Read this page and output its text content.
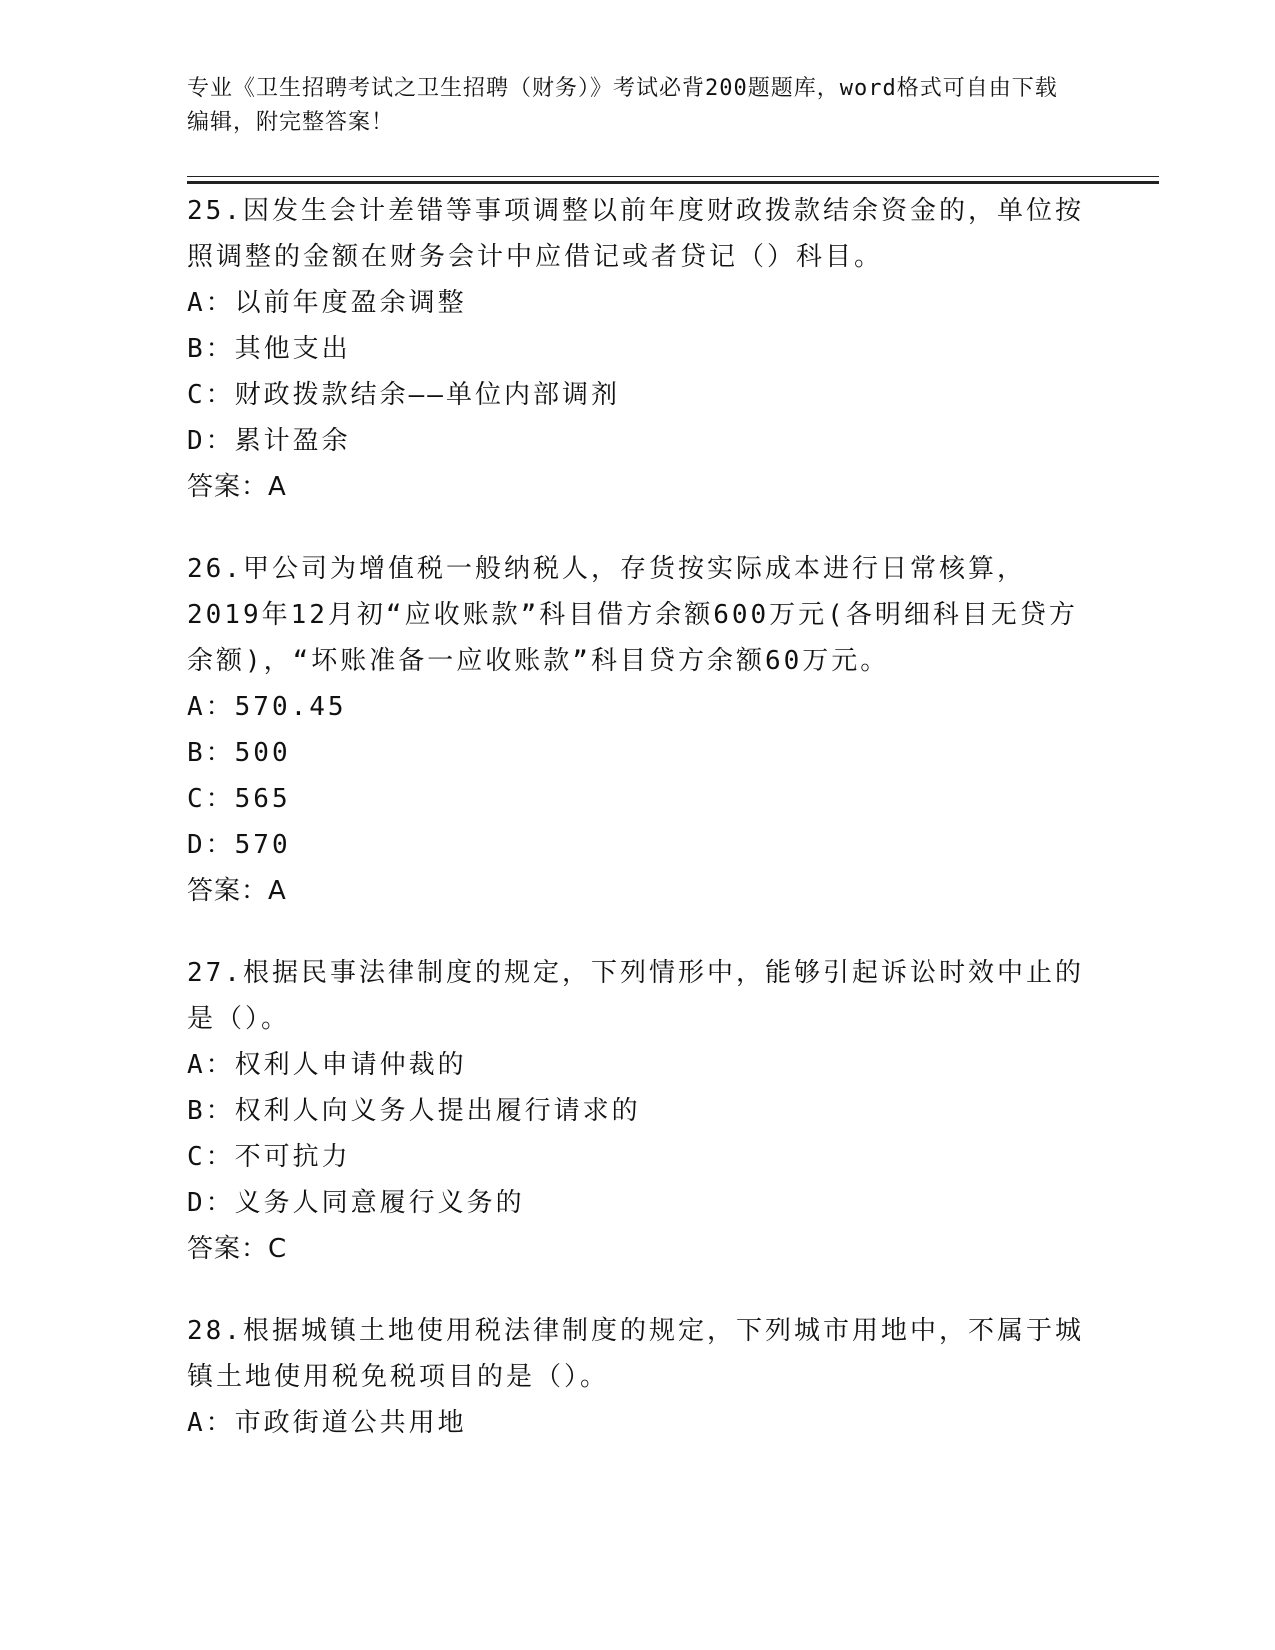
专业《卫生招聘考试之卫生招聘（财务）》考试必背200题题库，word格式可自由下载编辑，附完整答案！

25.因发生会计差错等事项调整以前年度财政拨款结余资金的，单位按照调整的金额在财务会计中应借记或者贷记（）科目。

A：以前年度盈余调整

B：其他支出

C：财政拨款结余——单位内部调剂

D：累计盈余

答案：A

26.甲公司为增值税一般纳税人，存货按实际成本进行日常核算，2019年12月初“应收账款”科目借方余额600万元(各明细科目无贷方余额)，“坏账准备一应收账款”科目贷方余额60万元。

A：570.45

B：500

C：565

D：570

答案：A

27.根据民事法律制度的规定，下列情形中，能够引起诉讼时效中止的是（）。

A：权利人申请仲裁的

B：权利人向义务人提出履行请求的

C：不可抗力

D：义务人同意履行义务的

答案：C

28.根据城镇土地使用税法律制度的规定，下列城市用地中，不属于城镇土地使用税免税项目的是（）。

A：市政街道公共用地
